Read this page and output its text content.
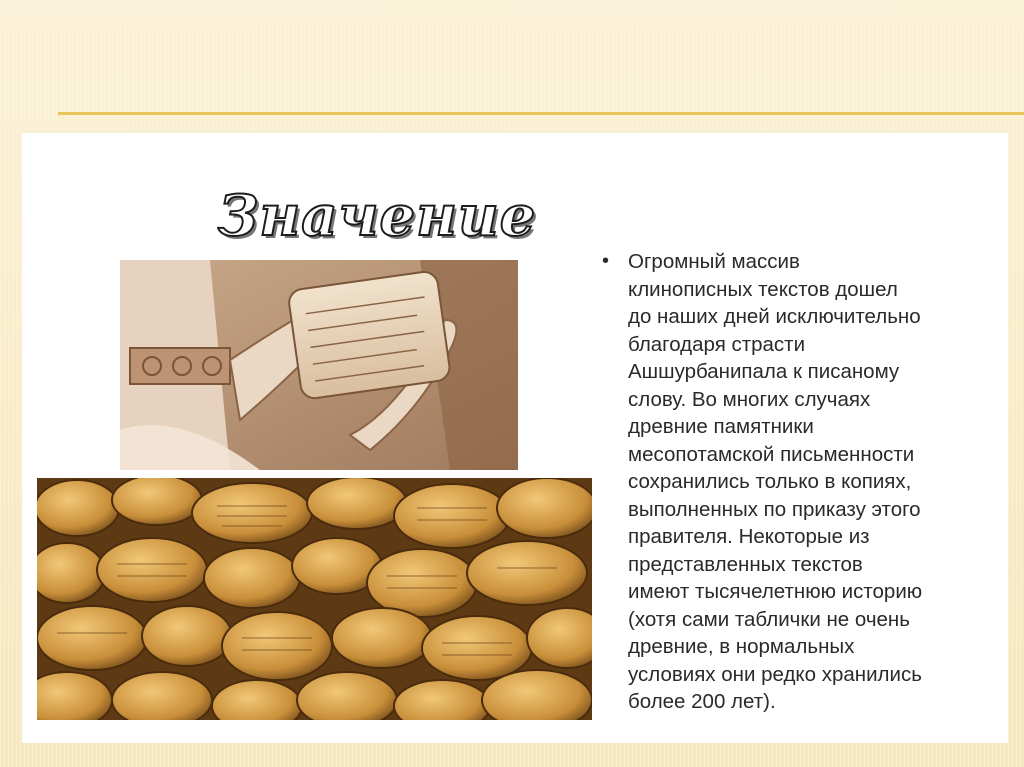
Значение
• Огромный массив
клинописных текстов дошел
до наших дней исключительно
благодаря страсти
Ашшурбанипала к писаному
слову. Во многих случаях
древние памятники
месопотамской письменности
сохранились только в копиях,
выполненных по приказу этого
правителя. Некоторые из
представленных текстов
имеют тысячелетнюю историю
(хотя сами таблички не очень
древние, в нормальных
условиях они редко хранились
более 200 лет).
